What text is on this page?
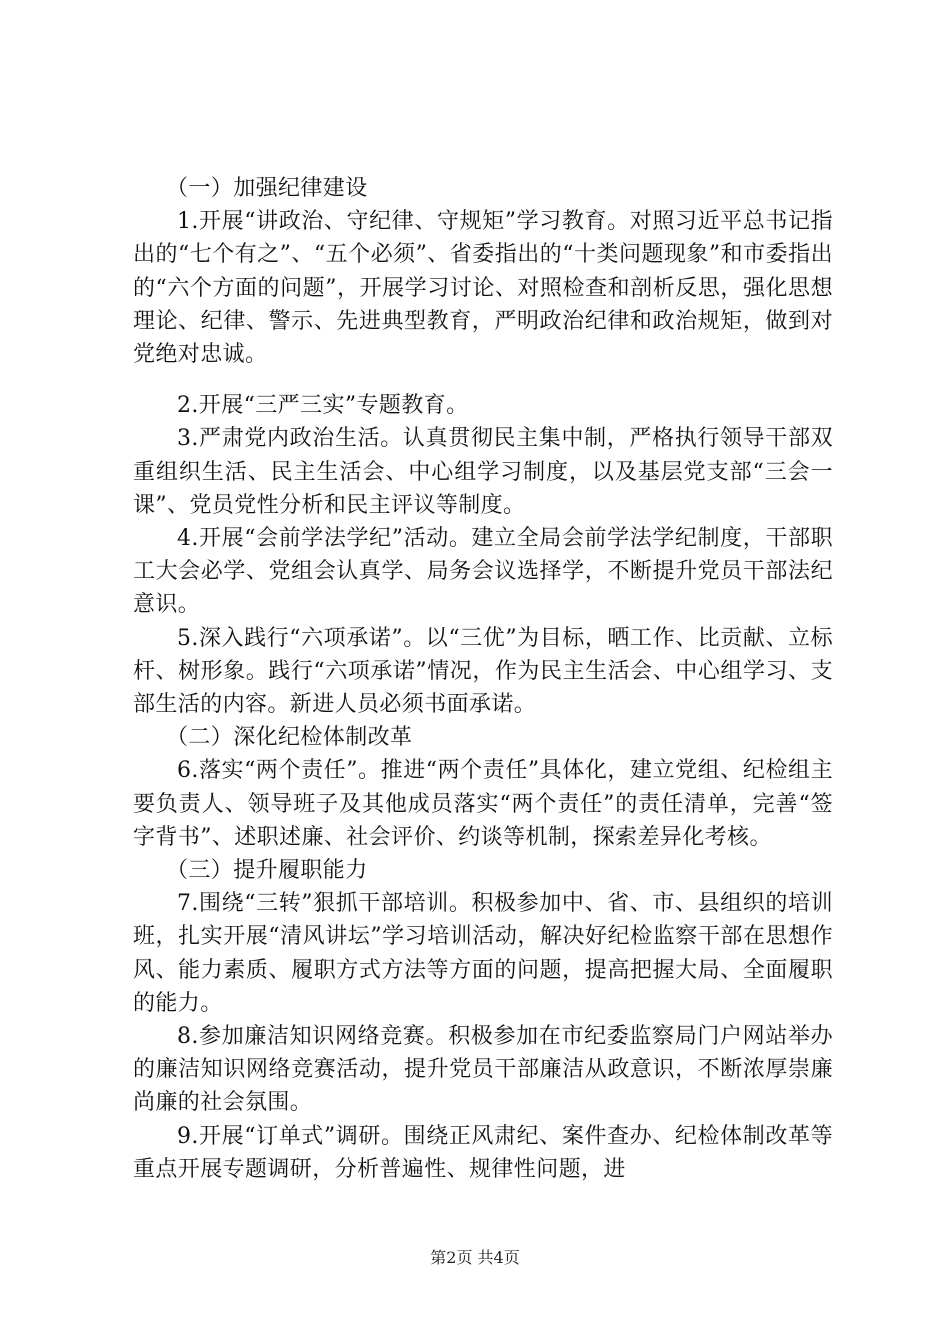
（一）加强纪律建设

1.开展“讲政治、守纪律、守规矩”学习教育。对照习近平总书记指出的“七个有之”、“五个必须”、省委指出的“十类问题现象”和市委指出的“六个方面的问题”，开展学习讨论、对照检查和剖析反思，强化思想理论、纪律、警示、先进典型教育，严明政治纪律和政治规矩，做到对党绝对忠诚。

2.开展“三严三实”专题教育。

3.严肃党内政治生活。认真贯彻民主集中制，严格执行领导干部双重组织生活、民主生活会、中心组学习制度，以及基层党支部“三会一课”、党员党性分析和民主评议等制度。

4.开展“会前学法学纪”活动。建立全局会前学法学纪制度，干部职工大会必学、党组会认真学、局务会议选择学，不断提升党员干部法纪意识。

5.深入践行“六项承诺”。以“三优”为目标，晒工作、比贡献、立标杆、树形象。践行“六项承诺”情况，作为民主生活会、中心组学习、支部生活的内容。新进人员必须书面承诺。

（二）深化纪检体制改革

6.落实“两个责任”。推进“两个责任”具体化，建立党组、纪检组主要负责人、领导班子及其他成员落实“两个责任”的责任清单，完善“签字背书”、述职述廉、社会评价、约谈等机制，探索差异化考核。

（三）提升履职能力

7.围绕“三转”狠抓干部培训。积极参加中、省、市、县组织的培训班，扎实开展“清风讲坛”学习培训活动，解决好纪检监察干部在思想作风、能力素质、履职方式方法等方面的问题，提高把握大局、全面履职的能力。

8.参加廉洁知识网络竞赛。积极参加在市纪委监察局门户网站举办的廉洁知识网络竞赛活动，提升党员干部廉洁从政意识，不断浓厚崇廉尚廉的社会氛围。

9.开展“订单式”调研。围绕正风肃纪、案件查办、纪检体制改革等重点开展专题调研，分析普遍性、规律性问题，进

第2页 共4页
